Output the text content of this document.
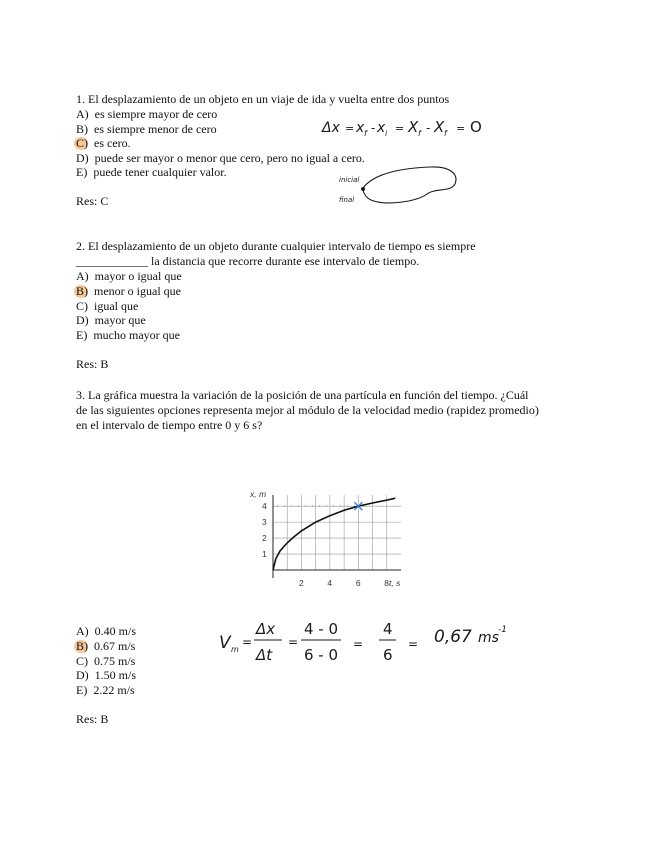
1. El desplazamiento de un objeto en un viaje de ida y vuelta entre dos puntos
A) es siempre mayor de cero
B) es siempre menor de cero
C) es cero.
D) puede ser mayor o menor que cero, pero no igual a cero.
E) puede tener cualquier valor.
Res: C
Δx = x f - x i = X f - X f = O
inicial
final
2. El desplazamiento de un objeto durante cualquier intervalo de tiempo es siempre
____________ la distancia que recorre durante ese intervalo de tiempo.
A) mayor o igual que
B) menor o igual que
C) igual que
D) mayor que
E) mucho mayor que
Res: B
3. La gráfica muestra la variación de la posición de una partícula en función del tiempo. ¿Cuál
de las siguientes opciones representa mejor al módulo de la velocidad medio (rapidez promedio)
en el intervalo de tiempo entre 0 y 6 s?
2	4	6	8
1
2
3
4
x, m
t, s
A) 0.40 m/s
B) 0.67 m/s
C) 0.75 m/s
D) 1.50 m/s
E) 2.22 m/s
Res: B
V m
=
Δx
Δt
=
4 - 0
6 - 0
=
4
6
= 0,67 ms -1
